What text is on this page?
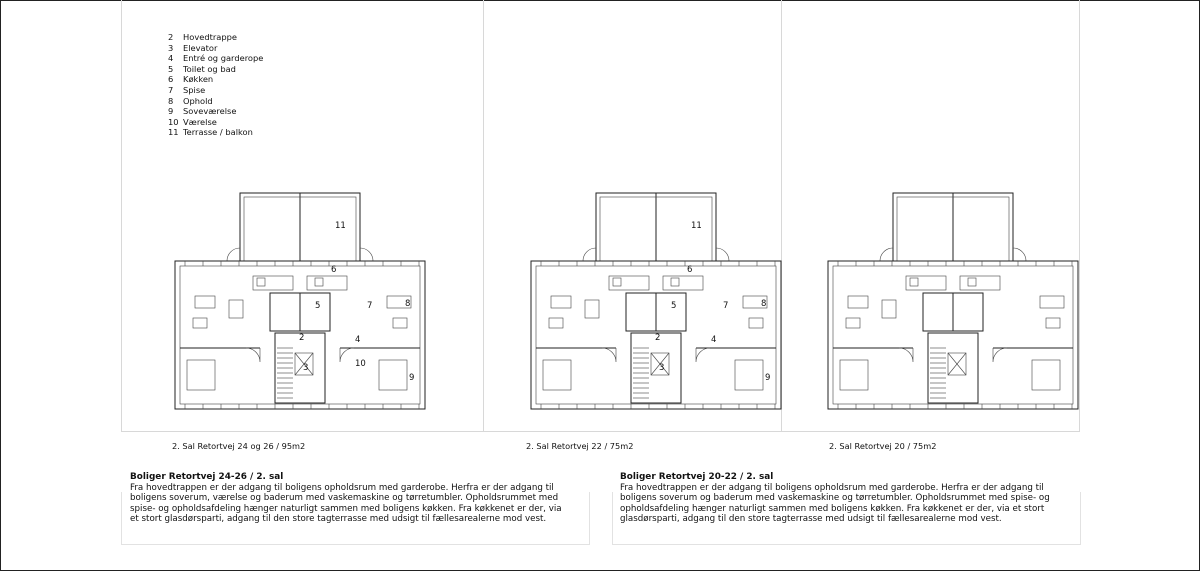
2 Hovedtrappe
3 Elevator
4 Entré og garderope
5 Toilet og bad
6 Køkken
7 Spise
8 Ophold
9 Soveværelse
10 Værelse
11 Terrasse / balkon
11
6
5	7	8
2
3
4
10
9
11
6
5	7	8
2
3
4
9
2. Sal Retortvej 24 og 26 / 95m2	2. Sal Retortvej 22 / 75m2	2. Sal Retortvej 20 / 75m2
Boliger Retortvej 24-26 / 2. sal
Fra hovedtrappen er der adgang til boligens opholdsrum med garderobe. Herfra er der adgang til
boligens soverum, værelse og baderum med vaskemaskine og tørretumbler. Opholdsrummet med
spise- og opholdsafdeling hænger naturligt sammen med boligens køkken. Fra køkkenet er der, via
et stort glasdørsparti, adgang til den store tagterrasse med udsigt til fællesarealerne mod vest.
Boliger Retortvej 20-22 / 2. sal
Fra hovedtrappen er der adgang til boligens opholdsrum med garderobe. Herfra er der adgang til
boligens soverum og baderum med vaskemaskine og tørretumbler. Opholdsrummet med spise- og
opholdsafdeling hænger naturligt sammen med boligens køkken. Fra køkkenet er der, via et stort
glasdørsparti, adgang til den store tagterrasse med udsigt til fællesarealerne mod vest.
